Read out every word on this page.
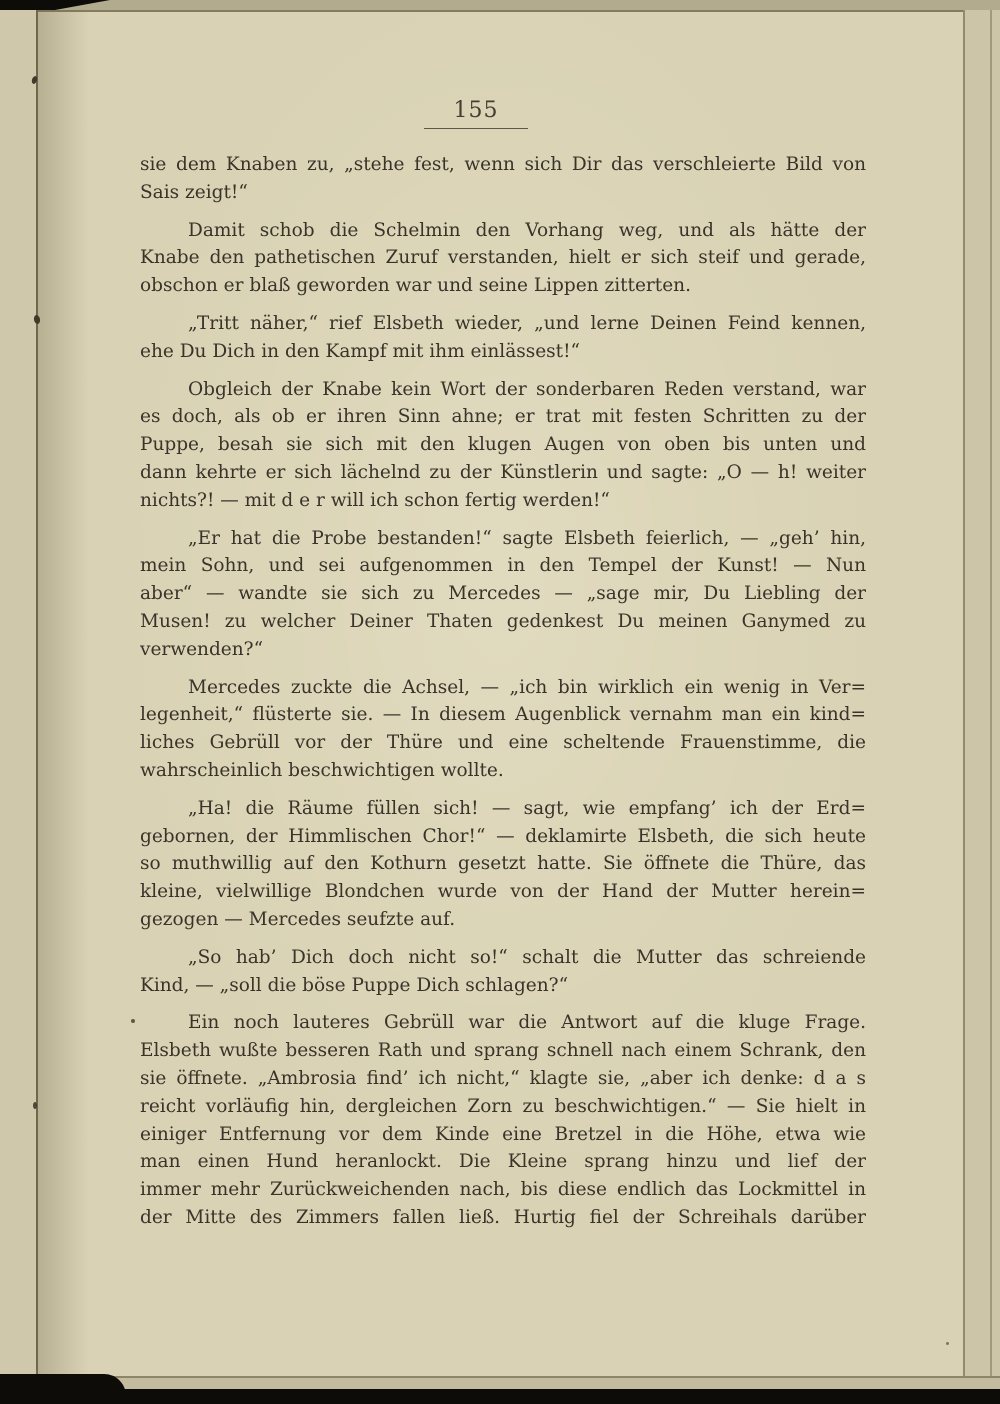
155
sie dem Knaben zu, „stehe fest, wenn sich Dir das verschleierte Bild von
Sais zeigt!“
Damit schob die Schelmin den Vorhang weg, und als hätte der
Knabe den pathetischen Zuruf verstanden, hielt er sich steif und gerade,
obschon er blaß geworden war und seine Lippen zitterten.
„Tritt näher,“ rief Elsbeth wieder, „und lerne Deinen Feind kennen,
ehe Du Dich in den Kampf mit ihm einlässest!“
Obgleich der Knabe kein Wort der sonderbaren Reden verstand, war
es doch, als ob er ihren Sinn ahne; er trat mit festen Schritten zu der
Puppe, besah sie sich mit den klugen Augen von oben bis unten und
dann kehrte er sich lächelnd zu der Künstlerin und sagte: „O — h! weiter
nichts?! — mit d e r will ich schon fertig werden!“
„Er hat die Probe bestanden!“ sagte Elsbeth feierlich, — „geh’ hin,
mein Sohn, und sei aufgenommen in den Tempel der Kunst! — Nun
aber“ — wandte sie sich zu Mercedes — „sage mir, Du Liebling der
Musen! zu welcher Deiner Thaten gedenkest Du meinen Ganymed zu
verwenden?“
Mercedes zuckte die Achsel, — „ich bin wirklich ein wenig in Ver=
legenheit,“ flüsterte sie. — In diesem Augenblick vernahm man ein kind=
liches Gebrüll vor der Thüre und eine scheltende Frauenstimme, die
wahrscheinlich beschwichtigen wollte.
„Ha! die Räume füllen sich! — sagt, wie empfang’ ich der Erd=
gebornen, der Himmlischen Chor!“ — deklamirte Elsbeth, die sich heute
so muthwillig auf den Kothurn gesetzt hatte. Sie öffnete die Thüre, das
kleine, vielwillige Blondchen wurde von der Hand der Mutter herein=
gezogen — Mercedes seufzte auf.
„So hab’ Dich doch nicht so!“ schalt die Mutter das schreiende
Kind, — „soll die böse Puppe Dich schlagen?“
Ein noch lauteres Gebrüll war die Antwort auf die kluge Frage.
Elsbeth wußte besseren Rath und sprang schnell nach einem Schrank, den
sie öffnete. „Ambrosia find’ ich nicht,“ klagte sie, „aber ich denke: d a s
reicht vorläufig hin, dergleichen Zorn zu beschwichtigen.“ — Sie hielt in
einiger Entfernung vor dem Kinde eine Bretzel in die Höhe, etwa wie
man einen Hund heranlockt. Die Kleine sprang hinzu und lief der
immer mehr Zurückweichenden nach, bis diese endlich das Lockmittel in
der Mitte des Zimmers fallen ließ. Hurtig fiel der Schreihals darüber
